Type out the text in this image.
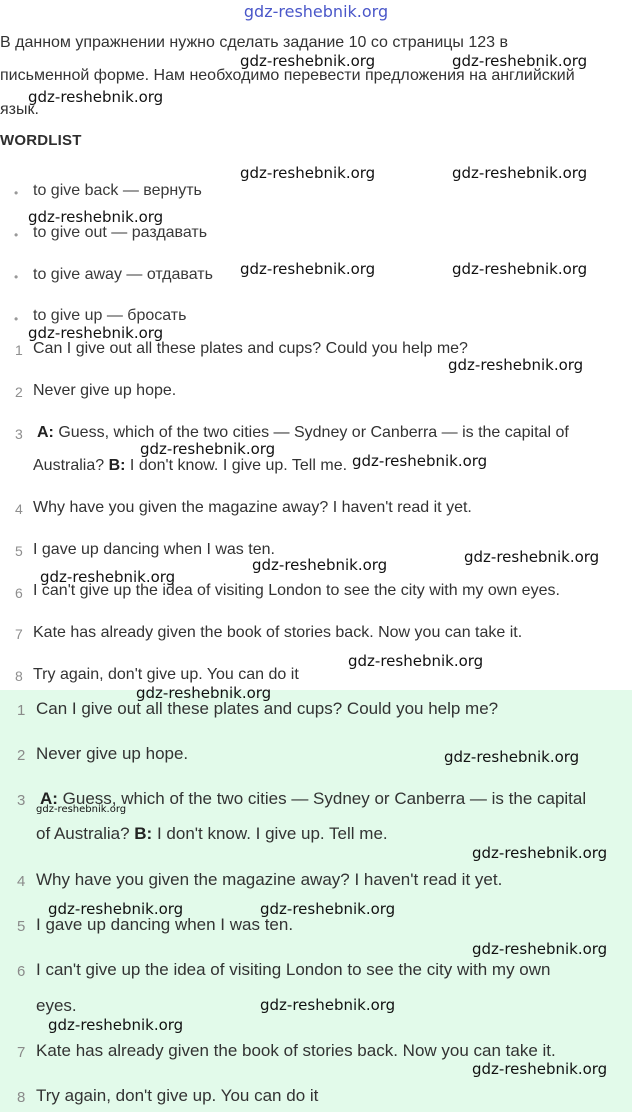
gdz-reshebnik.org
В данном упражнении нужно сделать задание 10 со страницы 123 в
письменной форме. Нам необходимо перевести предложения на английский
язык.
WORDLIST
• to give back — вернуть
• to give out — раздавать
• to give away — отдавать
• to give up — бросать
1 Can I give out all these plates and cups? Could you help me?
2 Never give up hope.
3 A: Guess, which of the two cities — Sydney or Canberra — is the capital of
Australia? B: I don't know. I give up. Tell me.
4 Why have you given the magazine away? I haven't read it yet.
5 I gave up dancing when I was ten.
6 I can't give up the idea of visiting London to see the city with my own eyes.
7 Kate has already given the book of stories back. Now you can take it.
8 Try again, don't give up. You can do it
1 Can I give out all these plates and cups? Could you help me?
2 Never give up hope.
3 A: Guess, which of the two cities — Sydney or Canberra — is the capital
of Australia? B: I don't know. I give up. Tell me.
4 Why have you given the magazine away? I haven't read it yet.
5 I gave up dancing when I was ten.
6 I can't give up the idea of visiting London to see the city with my own
eyes.
7 Kate has already given the book of stories back. Now you can take it.
8 Try again, don't give up. You can do it
gdz-reshebnik.org	gdz-reshebnik.org
gdz-reshebnik.org
gdz-reshebnik.org	gdz-reshebnik.org
gdz-reshebnik.org
gdz-reshebnik.org	gdz-reshebnik.org
gdz-reshebnik.org
gdz-reshebnik.org
gdz-reshebnik.org
gdz-reshebnik.org
gdz-reshebnik.org
gdz-reshebnik.org
gdz-reshebnik.org
gdz-reshebnik.org
gdz-reshebnik.org
gdz-reshebnik.org
gdz-reshebnik.org
gdz-reshebnik.org
gdz-reshebnik.org	gdz-reshebnik.org
gdz-reshebnik.org
gdz-reshebnik.org
gdz-reshebnik.org
gdz-reshebnik.org
